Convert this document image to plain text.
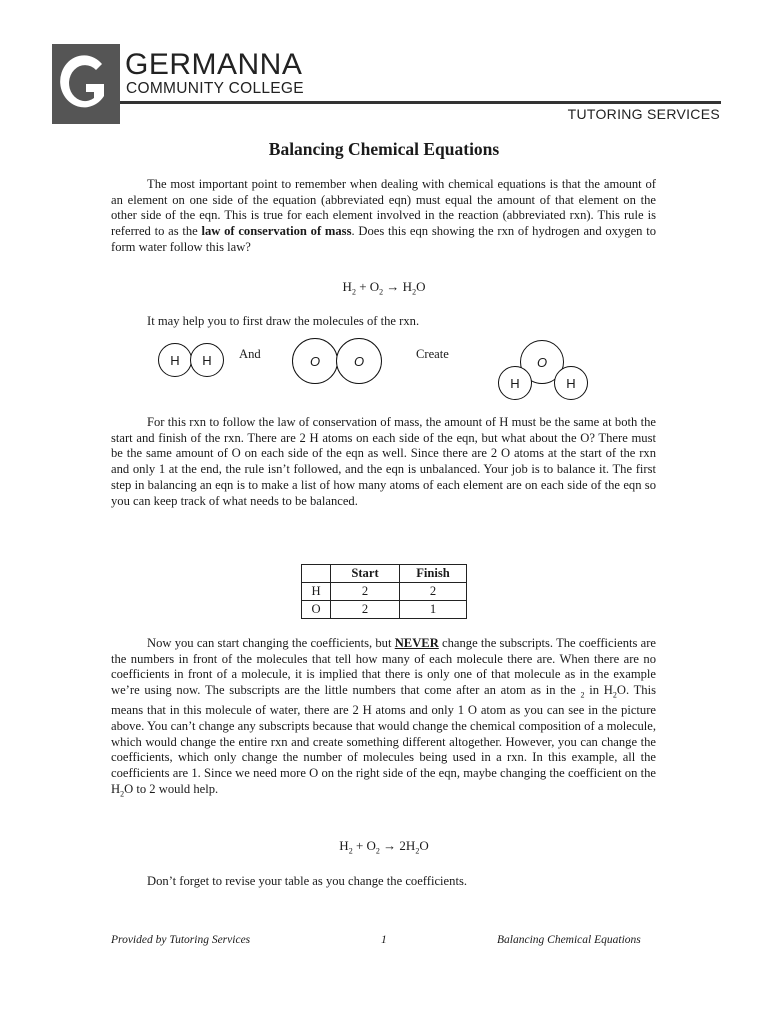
GERMANNA
COMMUNITY COLLEGE
TUTORING SERVICES
Balancing Chemical Equations
The most important point to remember when dealing with chemical equations is that the amount of an element on one side of the equation (abbreviated eqn) must equal the amount of that element on the other side of the eqn. This is true for each element involved in the reaction (abbreviated rxn). This rule is referred to as the law of conservation of mass. Does this eqn showing the rxn of hydrogen and oxygen to form water follow this law?
$H_2 + O_2 \to H_2O$
It may help you to first draw the molecules of the rxn.
H	H	And	O	O	Create
O
H	H
For this rxn to follow the law of conservation of mass, the amount of H must be the same at both the start and finish of the rxn. There are 2 H atoms on each side of the eqn, but what about the O? There must be the same amount of O on each side of the eqn as well. Since there are 2 O atoms at the start of the rxn and only 1 at the end, the rule isn’t followed, and the eqn is unbalanced. Your job is to balance it. The first step in balancing an eqn is to make a list of how many atoms of each element are on each side of the eqn so you can keep track of what needs to be balanced.
	Start	Finish
H	2	2
O	2	1
Now you can start changing the coefficients, but NEVER change the subscripts. The coefficients are the numbers in front of the molecules that tell how many of each molecule there are. When there are no coefficients in front of a molecule, it is implied that there is only one of that molecule as in the example we’re using now. The subscripts are the little numbers that come after an atom as in the $_2$ in $H_2O$. This means that in this molecule of water, there are 2 H atoms and only 1 O atom as you can see in the picture above. You can’t change any subscripts because that would change the chemical composition of a molecule, which would change the entire rxn and create something different altogether. However, you can change the coefficients, which only change the number of molecules being used in a rxn. In this example, all the coefficients are 1. Since we need more O on the right side of the eqn, maybe changing the coefficient on the $H_2O$ to 2 would help.
$H_2 + O_2 \to 2H_2O$
Don’t forget to revise your table as you change the coefficients.
Provided by Tutoring Services	1	Balancing Chemical Equations
